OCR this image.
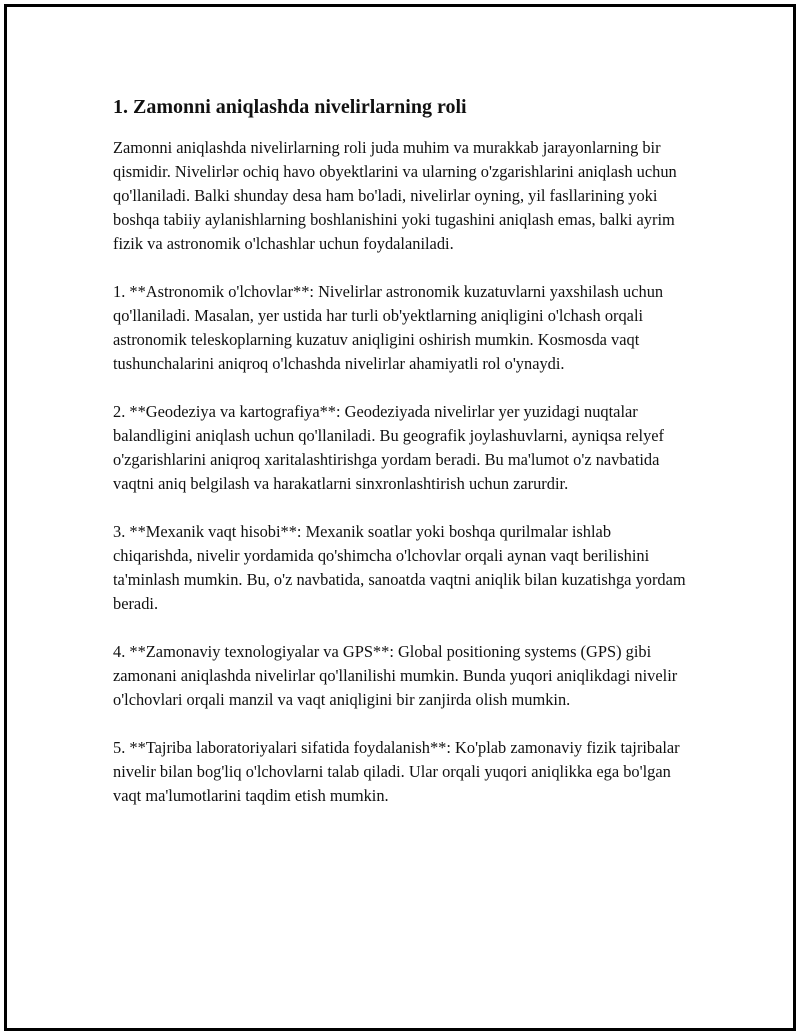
1. Zamonni aniqlashda nivelirlarning roli

Zamonni aniqlashda nivelirlarning roli juda muhim va murakkab jarayonlarning bir qismidir. Nivelirlər ochiq havo obyektlarini va ularning o'zgarishlarini aniqlash uchun qo'llaniladi. Balki shunday desa ham bo'ladi, nivelirlar oyning, yil fasllarining yoki boshqa tabiiy aylanishlarning boshlanishini yoki tugashini aniqlash emas, balki ayrim fizik va astronomik o'lchashlar uchun foydalaniladi.

1. **Astronomik o'lchovlar**: Nivelirlar astronomik kuzatuvlarni yaxshilash uchun qo'llaniladi. Masalan, yer ustida har turli ob'yektlarning aniqligini o'lchash orqali astronomik teleskoplarning kuzatuv aniqligini oshirish mumkin. Kosmosda vaqt tushunchalarini aniqroq o'lchashda nivelirlar ahamiyatli rol o'ynaydi.

2. **Geodeziya va kartografiya**: Geodeziyada nivelirlar yer yuzidagi nuqtalar balandligini aniqlash uchun qo'llaniladi. Bu geografik joylashuvlarni, ayniqsa relyef o'zgarishlarini aniqroq xaritalashtirishga yordam beradi. Bu ma'lumot o'z navbatida vaqtni aniq belgilash va harakatlarni sinxronlashtirish uchun zarurdir.

3. **Mexanik vaqt hisobi**: Mexanik soatlar yoki boshqa qurilmalar ishlab chiqarishda, nivelir yordamida qo'shimcha o'lchovlar orqali aynan vaqt berilishini ta'minlash mumkin. Bu, o'z navbatida, sanoatda vaqtni aniqlik bilan kuzatishga yordam beradi.

4. **Zamonaviy texnologiyalar va GPS**: Global positioning systems (GPS) gibi zamonani aniqlashda nivelirlar qo'llanilishi mumkin. Bunda yuqori aniqlikdagi nivelir o'lchovlari orqali manzil va vaqt aniqligini bir zanjirda olish mumkin.

5. **Tajriba laboratoriyalari sifatida foydalanish**: Ko'plab zamonaviy fizik tajribalar nivelir bilan bog'liq o'lchovlarni talab qiladi. Ular orqali yuqori aniqlikka ega bo'lgan vaqt ma'lumotlarini taqdim etish mumkin.
